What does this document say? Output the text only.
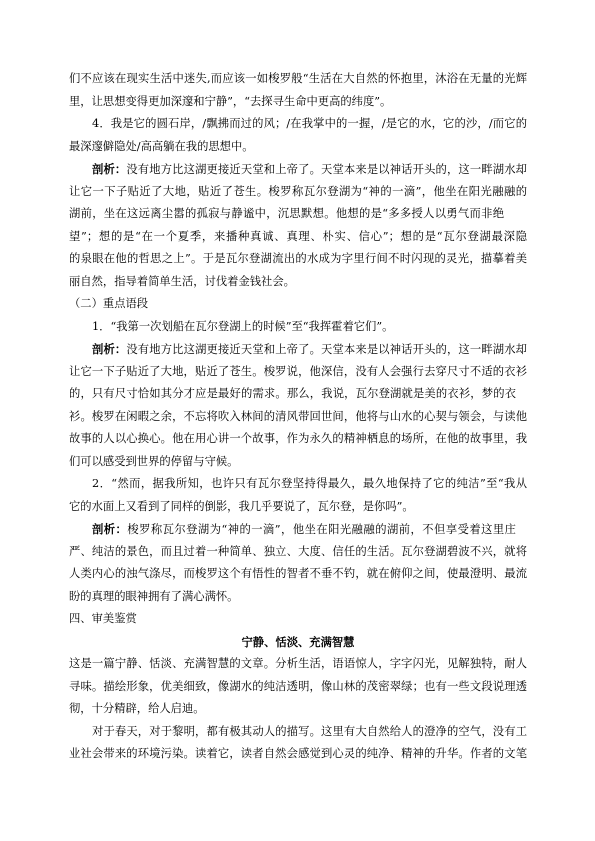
们不应该在现实生活中迷失,而应该一如梭罗般“生活在大自然的怀抱里，沐浴在无量的光辉
里，让思想变得更加深邃和宁静”，“去探寻生命中更高的纬度”。
4．我是它的圆石岸，/飘拂而过的风；/在我掌中的一握，/是它的水，它的沙，/而它的
最深邃僻隐处/高高躺在我的思想中。
剖析：没有地方比这湖更接近天堂和上帝了。天堂本来是以神话开头的，这一畔湖水却
让它一下子贴近了大地，贴近了苍生。梭罗称瓦尔登湖为“神的一滴”，他坐在阳光融融的
湖前，坐在这远离尘嚣的孤寂与静谧中，沉思默想。他想的是“多多授人以勇气而非绝
望”；想的是“在一个夏季，来播种真诚、真理、朴实、信心”；想的是“瓦尔登湖最深隐
的泉眼在他的哲思之上”。于是瓦尔登湖流出的水成为字里行间不时闪现的灵光，描摹着美
丽自然，指导着简单生活，讨伐着金钱社会。
（二）重点语段
1．“我第一次划船在瓦尔登湖上的时候”至“我挥霍着它们”。
剖析：没有地方比这湖更接近天堂和上帝了。天堂本来是以神话开头的，这一畔湖水却
让它一下子贴近了大地，贴近了苍生。梭罗说，他深信，没有人会强行去穿尺寸不适的衣衫
的，只有尺寸恰如其分才应是最好的需求。那么，我说，瓦尔登湖就是美的衣衫，梦的衣
衫。梭罗在闲暇之余，不忘将吹入林间的清风带回世间，他将与山水的心契与领会，与读他
故事的人以心换心。他在用心讲一个故事，作为永久的精神栖息的场所，在他的故事里，我
们可以感受到世界的停留与守候。
2．“然而，据我所知，也许只有瓦尔登坚持得最久，最久地保持了它的纯洁”至“我从
它的水面上又看到了同样的倒影，我几乎要说了，瓦尔登，是你吗”。
剖析：梭罗称瓦尔登湖为“神的一滴”，他坐在阳光融融的湖前，不但享受着这里庄
严、纯洁的景色，而且过着一种简单、独立、大度、信任的生活。瓦尔登湖碧波不兴，就将
人类内心的浊气涤尽，而梭罗这个有悟性的智者不垂不钓，就在俯仰之间，使最澄明、最流
盼的真理的眼神拥有了满心满怀。
四、审美鉴赏
宁静、恬淡、充满智慧
这是一篇宁静、恬淡、充满智慧的文章。分析生活，语语惊人，字字闪光，见解独特，耐人
寻味。描绘形象，优美细致，像湖水的纯洁透明，像山林的茂密翠绿；也有一些文段说理透
彻，十分精辟，给人启迪。
对于春天，对于黎明，都有极其动人的描写。这里有大自然给人的澄净的空气，没有工
业社会带来的环境污染。读着它，读者自然会感觉到心灵的纯净、精神的升华。作者的文笔
